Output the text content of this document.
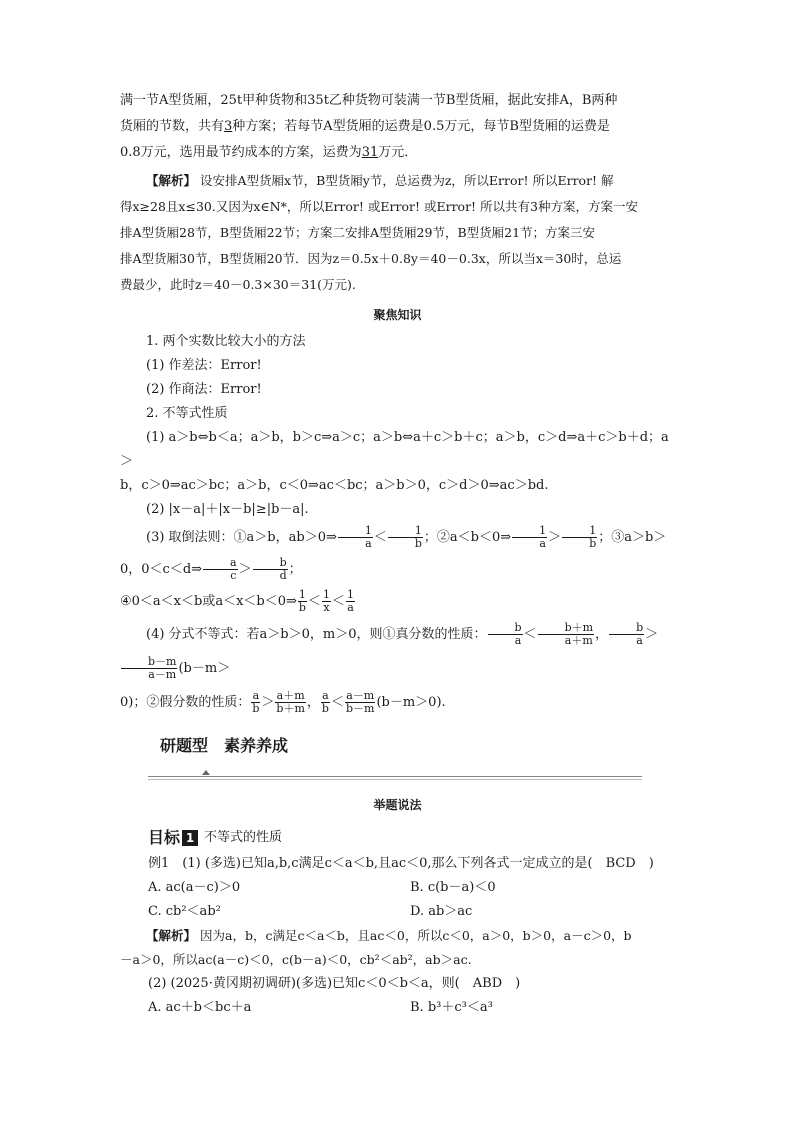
满一节A型货厢，25t甲种货物和35t乙种货物可装满一节B型货厢，据此安排A，B两种
货厢的节数，共有3种方案；若每节A型货厢的运费是0.5万元，每节B型货厢的运费是
0.8万元，选用最节约成本的方案，运费为31万元．
【解析】 设安排A型货厢x节，B型货厢y节，总运费为z，所以Error! 所以Error! 解
得x≥28且x≤30.又因为x∈N*，所以Error! 或Error! 或Error! 所以共有3种方案，方案一安
排A型货厢28节，B型货厢22节；方案二安排A型货厢29节，B型货厢21节；方案三安
排A型货厢30节，B型货厢20节．因为z＝0.5x＋0.8y＝40－0.3x，所以当x＝30时，总运
费最少，此时z＝40－0.3×30＝31(万元).
聚焦知识
1. 两个实数比较大小的方法
(1) 作差法：Error!
(2) 作商法：Error!
2. 不等式性质
(1) a＞b⇔b＜a；a＞b，b＞c⇒a＞c；a＞b⇔a＋c＞b＋c；a＞b，c＞d⇒a＋c＞b＋d；a＞
b，c＞0⇒ac＞bc；a＞b，c＜0⇒ac＜bc；a＞b＞0，c＞d＞0⇒ac＞bd.
(2) |x－a|＋|x－b|≥|b－a|.
(3) 取倒法则：①a＞b，ab＞0⇒ $\frac{1}{a} < \frac{1}{b}$ ；②a＜b＜0⇒ $\frac{1}{a} > \frac{1}{b}$ ；③a＞b＞0，0＜c＜d⇒ $\frac{a}{c} > \frac{b}{d}$ ；
④0＜a＜x＜b或a＜x＜b＜0⇒ $\frac{1}{b} < \frac{1}{x} < \frac{1}{a}$
(4) 分式不等式：若a＞b＞0，m＞0，则①真分数的性质： $\frac{b}{a} < \frac{b+m}{a+m}$ ， $\frac{b}{a}$ ＞
$\frac{b-m}{a-m} (b-m>$
0)；②假分数的性质： $\frac{a}{b} > \frac{a+m}{b+m}$ ， $\frac{a}{b} < \frac{a-m}{b-m} (b-m>0)$.
研题型　素养养成
举题说法
目标 1 不等式的性质
例1　(1) (多选)已知a,b,c满足c＜a＜b,且ac＜0,那么下列各式一定成立的是(　BCD　)
A. ac(a－c)＞0	B. c(b－a)＜0
C. cb²＜ab²	D. ab＞ac
【解析】 因为a，b，c满足c＜a＜b，且ac＜0，所以c＜0，a＞0，b＞0，a－c＞0，b
－a＞0，所以ac(a－c)＜0，c(b－a)＜0，cb²＜ab²，ab＞ac.
(2) (2025·黄冈期初调研)(多选)已知c＜0＜b＜a，则(　ABD　)
A. ac＋b＜bc＋a	B. b³＋c³＜a³
